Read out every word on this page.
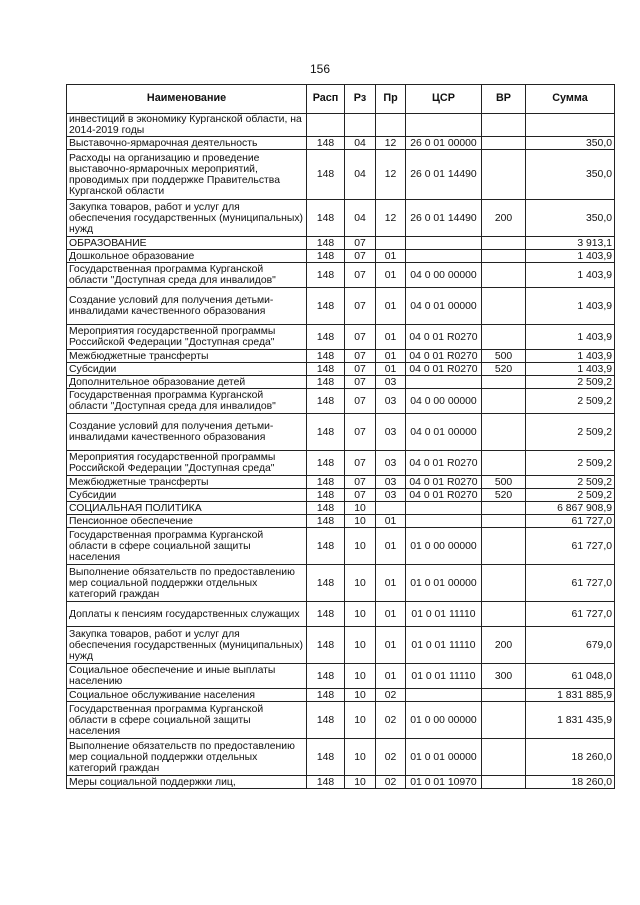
156
Наименование	Расп	Рз	Пр	ЦСР	ВР	Сумма
инвестиций в экономику Курганской области, на 2014-2019 годы						
Выставочно-ярмарочная деятельность	148	04	12	26 0 01 00000		350,0
Расходы на организацию и проведение выставочно-ярмарочных мероприятий, проводимых при поддержке Правительства Курганской области	148	04	12	26 0 01 14490		350,0
Закупка товаров, работ и услуг для обеспечения государственных (муниципальных) нужд	148	04	12	26 0 01 14490	200	350,0
ОБРАЗОВАНИЕ	148	07				3 913,1
Дошкольное образование	148	07	01			1 403,9
Государственная программа Курганской области "Доступная среда для инвалидов"	148	07	01	04 0 00 00000		1 403,9
Создание условий для получения детьми-инвалидами качественного образования	148	07	01	04 0 01 00000		1 403,9
Мероприятия государственной программы Российской Федерации "Доступная среда"	148	07	01	04 0 01 R0270		1 403,9
Межбюджетные трансферты	148	07	01	04 0 01 R0270	500	1 403,9
Субсидии	148	07	01	04 0 01 R0270	520	1 403,9
Дополнительное образование детей	148	07	03			2 509,2
Государственная программа Курганской области "Доступная среда для инвалидов"	148	07	03	04 0 00 00000		2 509,2
Создание условий для получения детьми-инвалидами качественного образования	148	07	03	04 0 01 00000		2 509,2
Мероприятия государственной программы Российской Федерации "Доступная среда"	148	07	03	04 0 01 R0270		2 509,2
Межбюджетные трансферты	148	07	03	04 0 01 R0270	500	2 509,2
Субсидии	148	07	03	04 0 01 R0270	520	2 509,2
СОЦИАЛЬНАЯ ПОЛИТИКА	148	10				6 867 908,9
Пенсионное обеспечение	148	10	01			61 727,0
Государственная программа Курганской области в сфере социальной защиты населения	148	10	01	01 0 00 00000		61 727,0
Выполнение обязательств по предоставлению мер социальной поддержки отдельных категорий граждан	148	10	01	01 0 01 00000		61 727,0
Доплаты к пенсиям государственных служащих	148	10	01	01 0 01 11110		61 727,0
Закупка товаров, работ и услуг для обеспечения государственных (муниципальных) нужд	148	10	01	01 0 01 11110	200	679,0
Социальное обеспечение и иные выплаты населению	148	10	01	01 0 01 11110	300	61 048,0
Социальное обслуживание населения	148	10	02			1 831 885,9
Государственная программа Курганской области в сфере социальной защиты населения	148	10	02	01 0 00 00000		1 831 435,9
Выполнение обязательств по предоставлению мер социальной поддержки отдельных категорий граждан	148	10	02	01 0 01 00000		18 260,0
Меры социальной поддержки лиц,	148	10	02	01 0 01 10970		18 260,0
